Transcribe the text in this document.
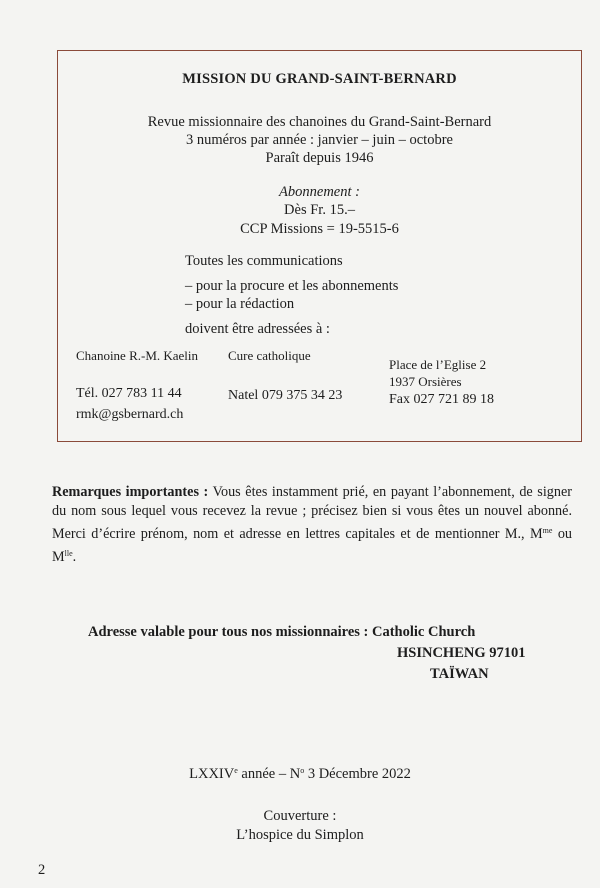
MISSION DU GRAND-SAINT-BERNARD
Revue missionnaire des chanoines du Grand-Saint-Bernard
3 numéros par année : janvier – juin – octobre
Paraît depuis 1946
Abonnement :
Dès Fr. 15.–
CCP Missions = 19-5515-6
Toutes les communications
– pour la procure et les abonnements
– pour la rédaction
doivent être adressées à :
Chanoine R.-M. Kaelin Cure catholique
Place de l’Eglise 2
1937 Orsières
Tél. 027 783 11 44	Natel 079 375 34 23	Fax 027 721 89 18
rmk@gsbernard.ch
Remarques importantes : Vous êtes instamment prié, en payant l’abonnement, de signer du nom sous lequel vous recevez la revue ; précisez bien si vous êtes un nouvel abonné. Merci d’écrire prénom, nom et adresse en lettres capitales et de mentionner M., $M^{me}$ ou $M^{lle}$.
Adresse valable pour tous nos missionnaires : Catholic Church
HSINCHENG 97101
TAÏWAN
LXXIVe année – $N^o$ 3 Décembre 2022
Couverture :
L’hospice du Simplon
2
